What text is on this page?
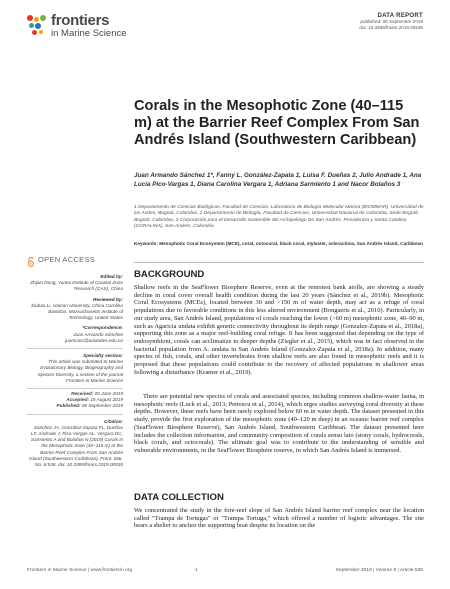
frontiers
in Marine Science
DATA REPORT
published: 06 September 2019
doi: 10.3389/fmars.2019.00536
Corals in the Mesophotic Zone (40–115 m) at the Barrier Reef Complex From San Andrés Island (Southwestern Caribbean)
Juan Armando Sánchez 1*, Fanny L. González-Zapata 1, Luisa F. Dueñas 2, Julio Andrade 1, Ana Lucía Pico-Vargas 1, Diana Carolina Vergara 1, Adriana Sarmiento 1 and Nacor Bolaños 3
1 Departamento de Ciencias Biológicas, Facultad de Ciencias, Laboratorio de Biología Molecular Marina (BIOMMAR), Universidad de los Andes, Bogotá, Colombia, 2 Departamento de Biología, Facultad de Ciencias, Universidad Nacional de Colombia, Sede Bogotá, Bogotá, Colombia, 3 Corporación para el Desarrollo Sostenible del Archipiélago De San Andrés, Providencia y Santa Catalina (CORALINA), San Andrés, Colombia
Keywords: Mesophotic Coral Ecosystem (MCE), coral, octocoral, black coral, stylaster, scleractinia, San Andrés Island, Caribbean
OPEN ACCESS
Edited by:
Zhijun Dong, Yantai Institute of Coastal Zone Research (CAS), China
Reviewed by:
Xiubao Li, Hainan University, China Carolina Bastidas, Massachusetts Institute of Technology, United States
*Correspondence:
Juan Armando Sánchez juansanc@uniandes.edu.co
Specialty section:
This article was submitted to Marine Evolutionary Biology, Biogeography and Species Diversity, a section of the journal Frontiers in Marine Science
Received: 05 June 2019
Accepted: 15 August 2019
Published: 06 September 2019
Citation:
Sánchez JA, González-Zapata FL, Dueñas LF, Andrade J, Pico-Vargas AL, Vergara DC, Sarmiento A and Bolaños N (2019) Corals in the Mesophotic Zone (40–115 m) at the Barrier Reef Complex From San Andrés Island (Southwestern Caribbean). Front. Mar. Sci. 6:536. doi: 10.3389/fmars.2019.00536
BACKGROUND

Shallow reefs in the SeaFlower Biosphere Reserve, even at the remotest bank atolls, are showing a steady decline in coral cover overall health condition during the last 20 years (Sánchez et al., 2019b). Mesophotic Coral Ecosystems (MCEs), located between 30 and >150 m of water depth, may act as a refuge of coral populations due to favorable conditions in this less altered environment (Bongaerts et al., 2010). Particularly, in our study area, San Andrés Island, populations of corals reaching the lower (>60 m) mesophotic zone, 40–90 m, such as Agaricia undata exhibit genetic connectivity throughout its depth range (Gonzalez-Zapata et al., 2018a), supporting this zone as a major reef-building coral refuge. It has been suggested that depending on the type of endosymbiont, corals can acclimatize to deeper depths (Ziegler et al., 2015), which was in fact observed in the bacterial population from A. undata in San Andrés Island (Gonzalez-Zapata et al., 2018a). In addition, many species of fish, corals, and other invertebrates from shallow reefs are also found in mesophotic reefs and it is proposed that these populations could contribute to the recovery of affected populations in shallower areas following a disturbance (Kramer et al., 2019).

There are potential new species of corals and associated species, including common shallow-water fauna, in mesophotic reefs (Luck et al., 2013; Petrescu et al., 2014), which urges studies surveying coral diversity at these depths. However, these reefs have been rarely explored below 60 m in water depth. The dataset presented in this study, provide the first exploration of the mesophotic zone (40–120 m deep) in an oceanic barrier reef complex (SeaFlower Biosphere Reserve), San Andrés Island, Southwestern Caribbean. The dataset presented here includes the collection information, and community composition of corals sensu lato (stony corals, hydrocorals, black corals, and octocorals). The ultimate goal was to contribute to the understanding of sensible and vulnerable environments, in the SeaFlower Biosphere reserve, in which San Andrés Island is immersed.

DATA COLLECTION

We concentrated the study in the fore-reef slope of San Andrés Island barrier reef complex near the location called "Trampa de Tortugas" or "Trampa Tortuga," which offered a number of logistic advantages. The site bears a shelter to anchor the supporting boat despite its location on the

Frontiers in Marine Science | www.frontiersin.org	1	September 2019 | Volume 6 | Article 536
